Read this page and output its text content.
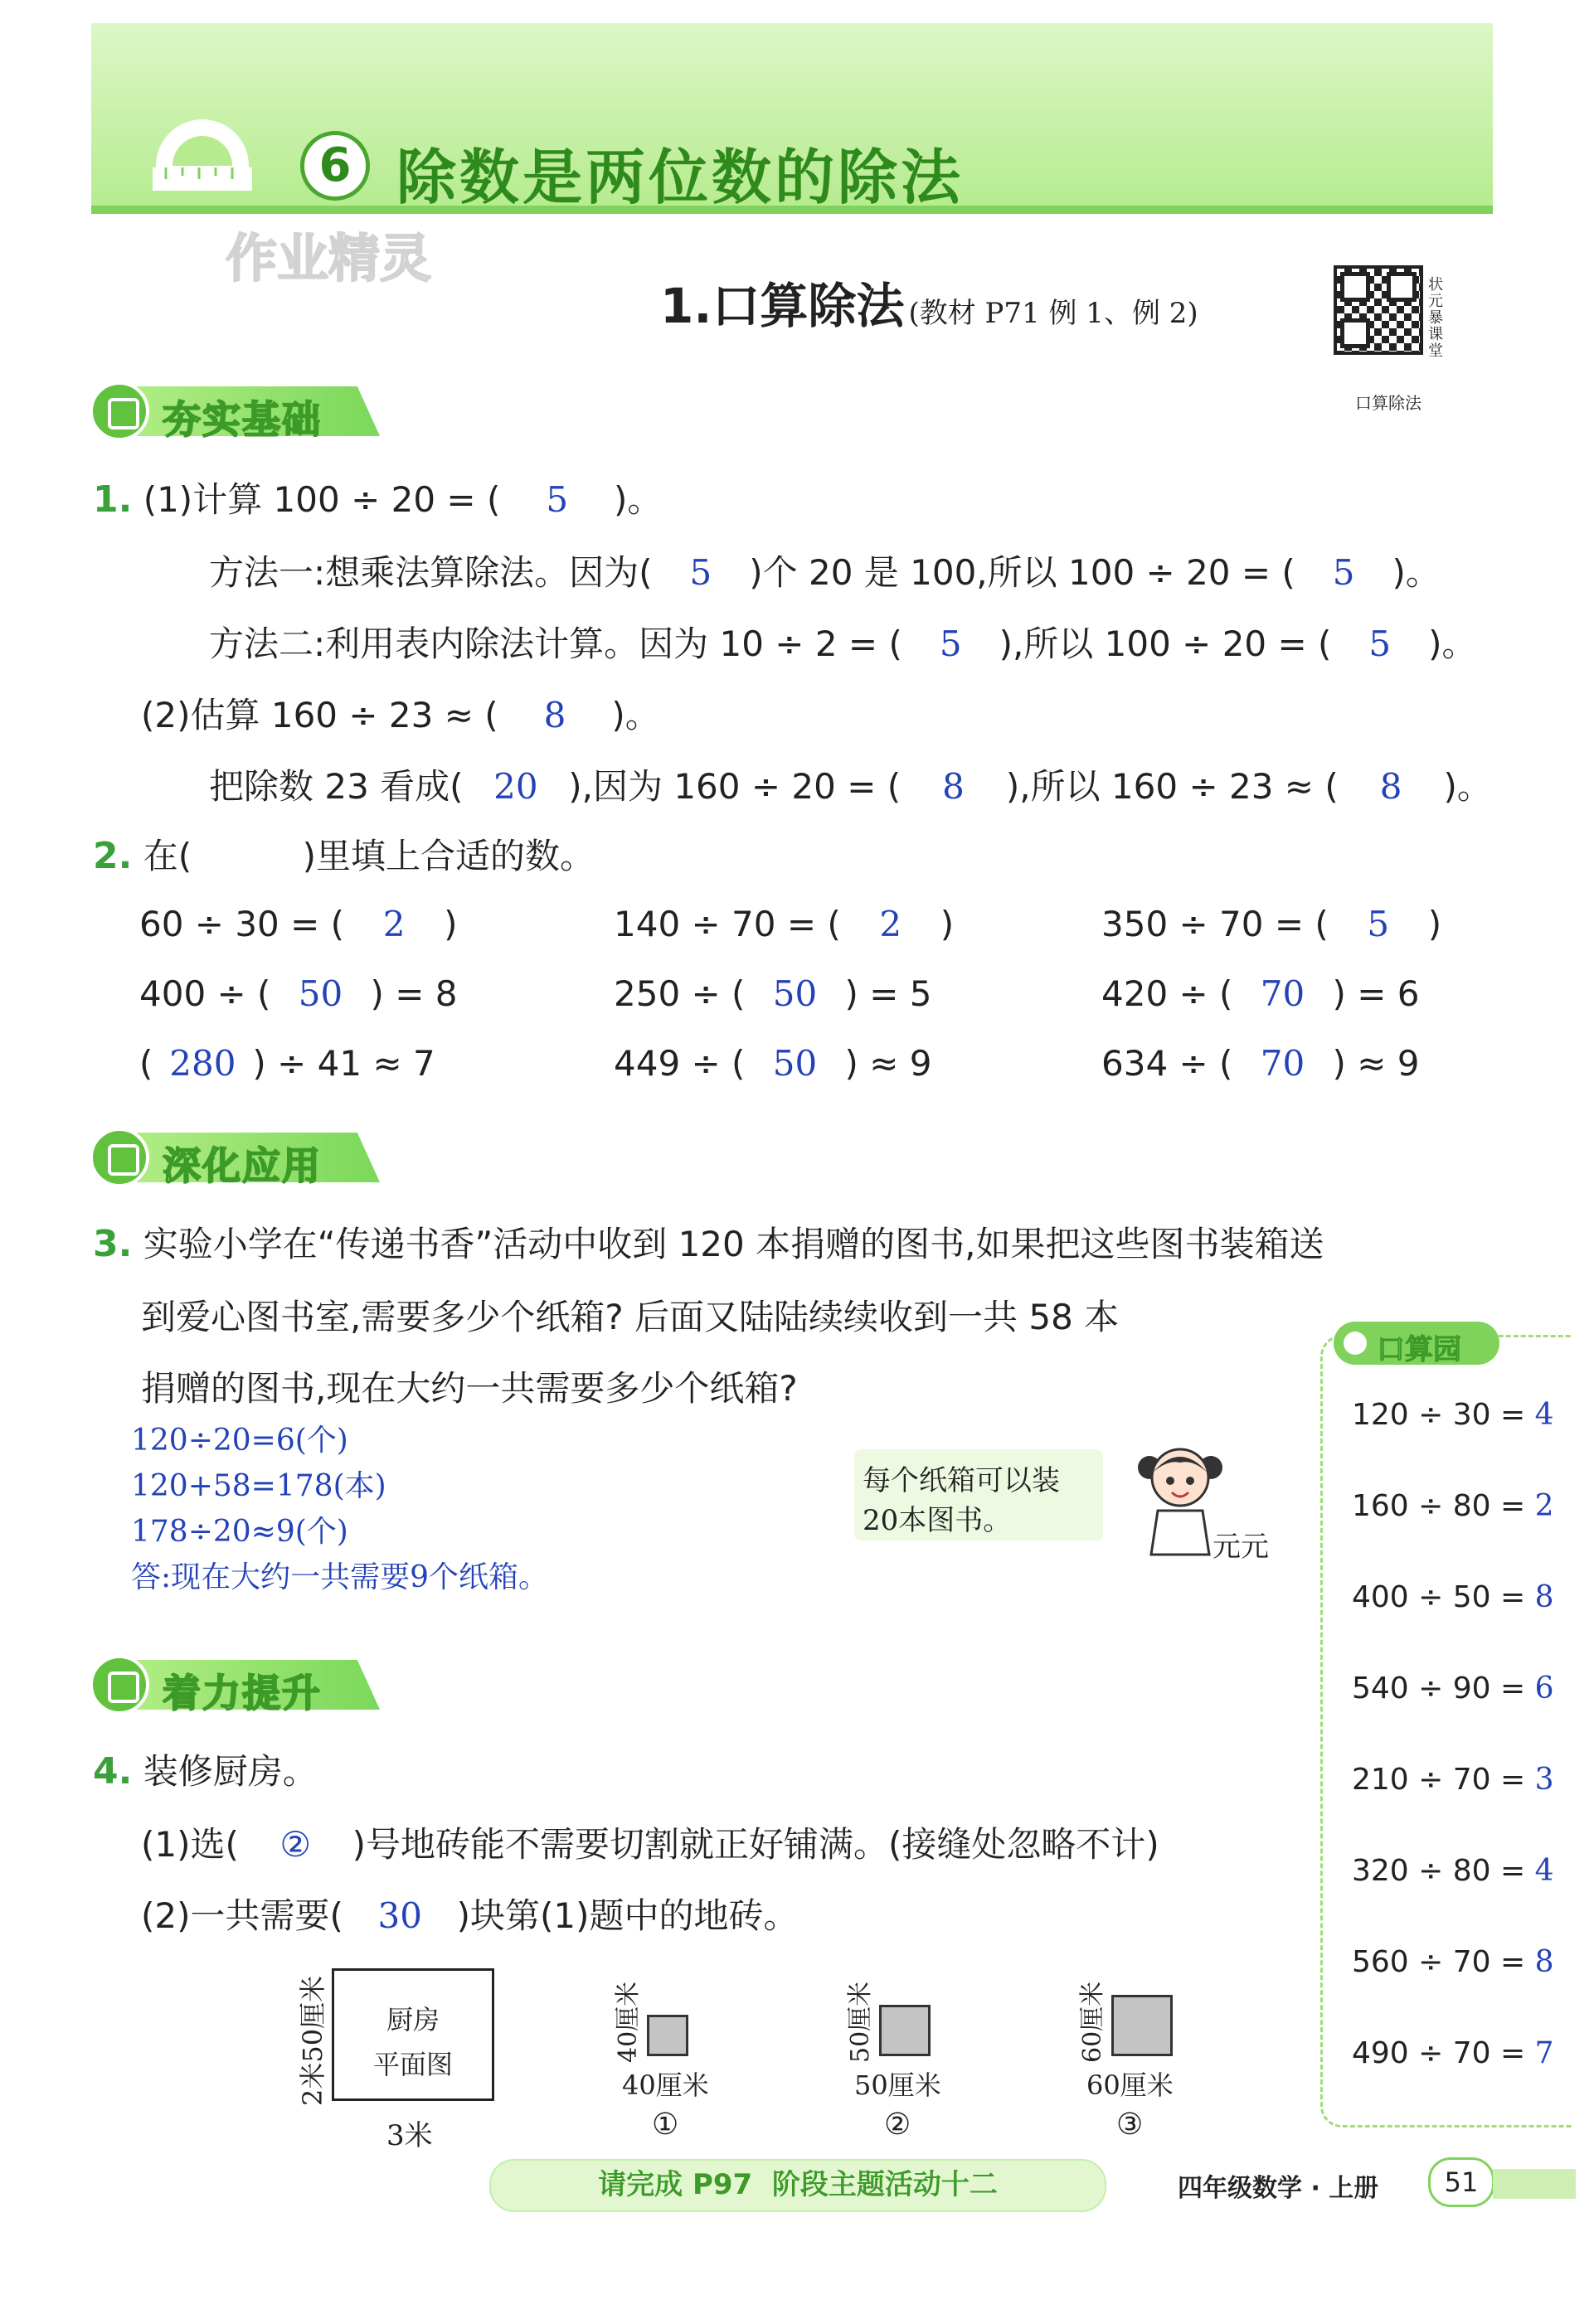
6 除数是两位数的除法
作业精灵
1.口算除法 (教材 P71 例 1、例 2)
状元暴课堂
口算除法
夯实基础
1. (1)计算 100 ÷ 20 = ( 5 )。
方法一:想乘法算除法。因为( 5 )个 20 是 100,所以 100 ÷ 20 = ( 5 )。
方法二:利用表内除法计算。因为 10 ÷ 2 = ( 5 ),所以 100 ÷ 20 = ( 5 )。
(2)估算 160 ÷ 23 ≈ ( 8 )。
把除数 23 看成( 20 ),因为 160 ÷ 20 = ( 8 ),所以 160 ÷ 23 ≈ ( 8 )。
2. 在(          )里填上合适的数。
60 ÷ 30 = ( 2 )	140 ÷ 70 = ( 2 )	350 ÷ 70 = ( 5 )
400 ÷ ( 50 ) = 8	250 ÷ ( 50 ) = 5	420 ÷ ( 70 ) = 6
( 280 ) ÷ 41 ≈ 7	449 ÷ ( 50 ) ≈ 9	634 ÷ ( 70 ) ≈ 9
深化应用
3. 实验小学在“传递书香”活动中收到 120 本捐赠的图书,如果把这些图书装箱送
到爱心图书室,需要多少个纸箱? 后面又陆陆续续收到一共 58 本
捐赠的图书,现在大约一共需要多少个纸箱?
120÷20=6(个)
120+58=178(本)
178÷20≈9(个)
答:现在大约一共需要9个纸箱。
每个纸箱可以装
20本图书。
元元
口算园
120 ÷ 30 = 4
160 ÷ 80 = 2
400 ÷ 50 = 8
540 ÷ 90 = 6
210 ÷ 70 = 3
320 ÷ 80 = 4
560 ÷ 70 = 8
490 ÷ 70 = 7
着力提升
4. 装修厨房。
(1)选( ② )号地砖能不需要切割就正好铺满。(接缝处忽略不计)
(2)一共需要( 30 )块第(1)题中的地砖。
2米50厘米	厨房
平面图
3米
40厘米
40厘米
①
50厘米
50厘米
②
60厘米
60厘米
③
请完成 P97  阶段主题活动十二	四年级数学 · 上册	51
